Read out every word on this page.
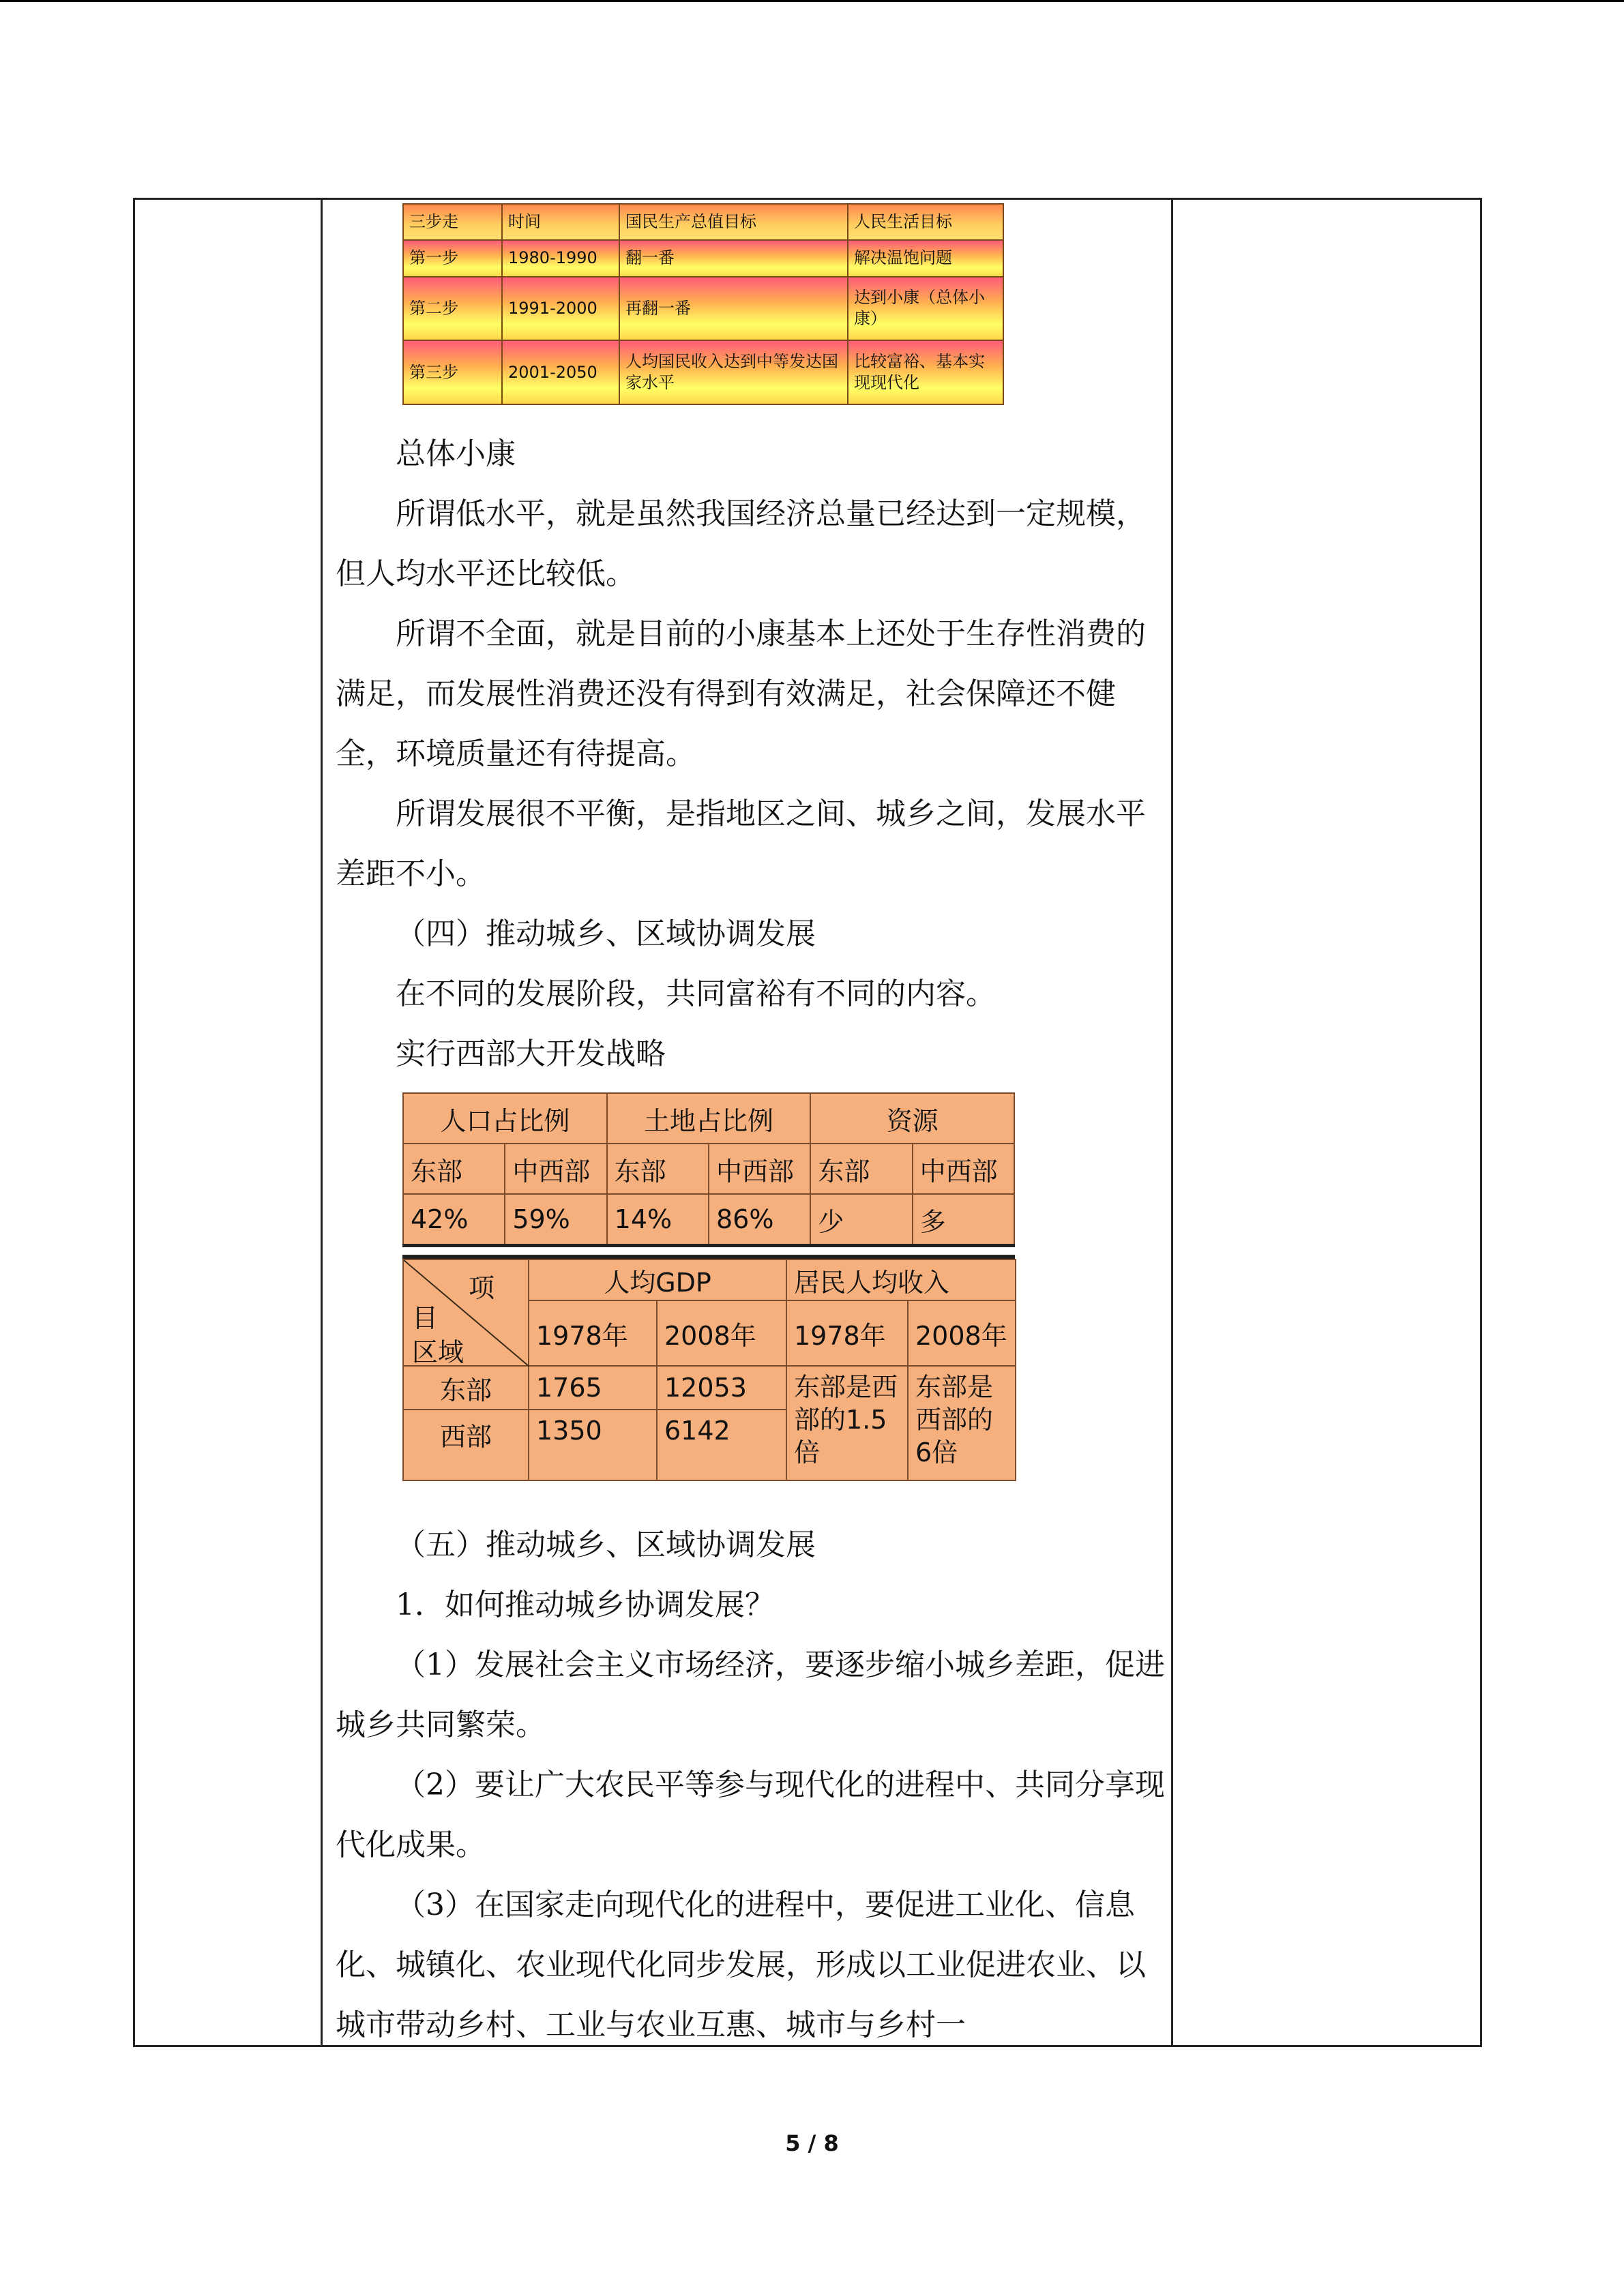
三步走	时间	国民生产总值目标	人民生活目标
第一步	1980-1990	翻一番	解决温饱问题
第二步	1991-2000	再翻一番	达到小康（总体小康）
第三步	2001-2050	人均国民收入达到中等发达国家水平	比较富裕、基本实现现代化
总体小康
所谓低水平，就是虽然我国经济总量已经达到一定规模，但人均水平还比较低。
所谓不全面，就是目前的小康基本上还处于生存性消费的满足，而发展性消费还没有得到有效满足，社会保障还不健全，环境质量还有待提高。
所谓发展很不平衡，是指地区之间、城乡之间，发展水平差距不小。
（四）推动城乡、区域协调发展
在不同的发展阶段，共同富裕有不同的内容。
实行西部大开发战略
人口占比例		土地占比例		资源	
东部	中西部	东部	中西部	东部	中西部
42%	59%	14%	86%	少	多
项
目
区域	人均GDP		居民人均收入	
	1978年	2008年	1978年	2008年
东部	1765	12053	东部是西部的1.5倍	东部是西部的6倍
西部	1350	6142		
（五）推动城乡、区域协调发展
1．如何推动城乡协调发展？
（1）发展社会主义市场经济，要逐步缩小城乡差距，促进城乡共同繁荣。
（2）要让广大农民平等参与现代化的进程中、共同分享现代化成果。
（3）在国家走向现代化的进程中，要促进工业化、信息化、城镇化、农业现代化同步发展，形成以工业促进农业、以城市带动乡村、工业与农业互惠、城市与乡村一
5 / 8
